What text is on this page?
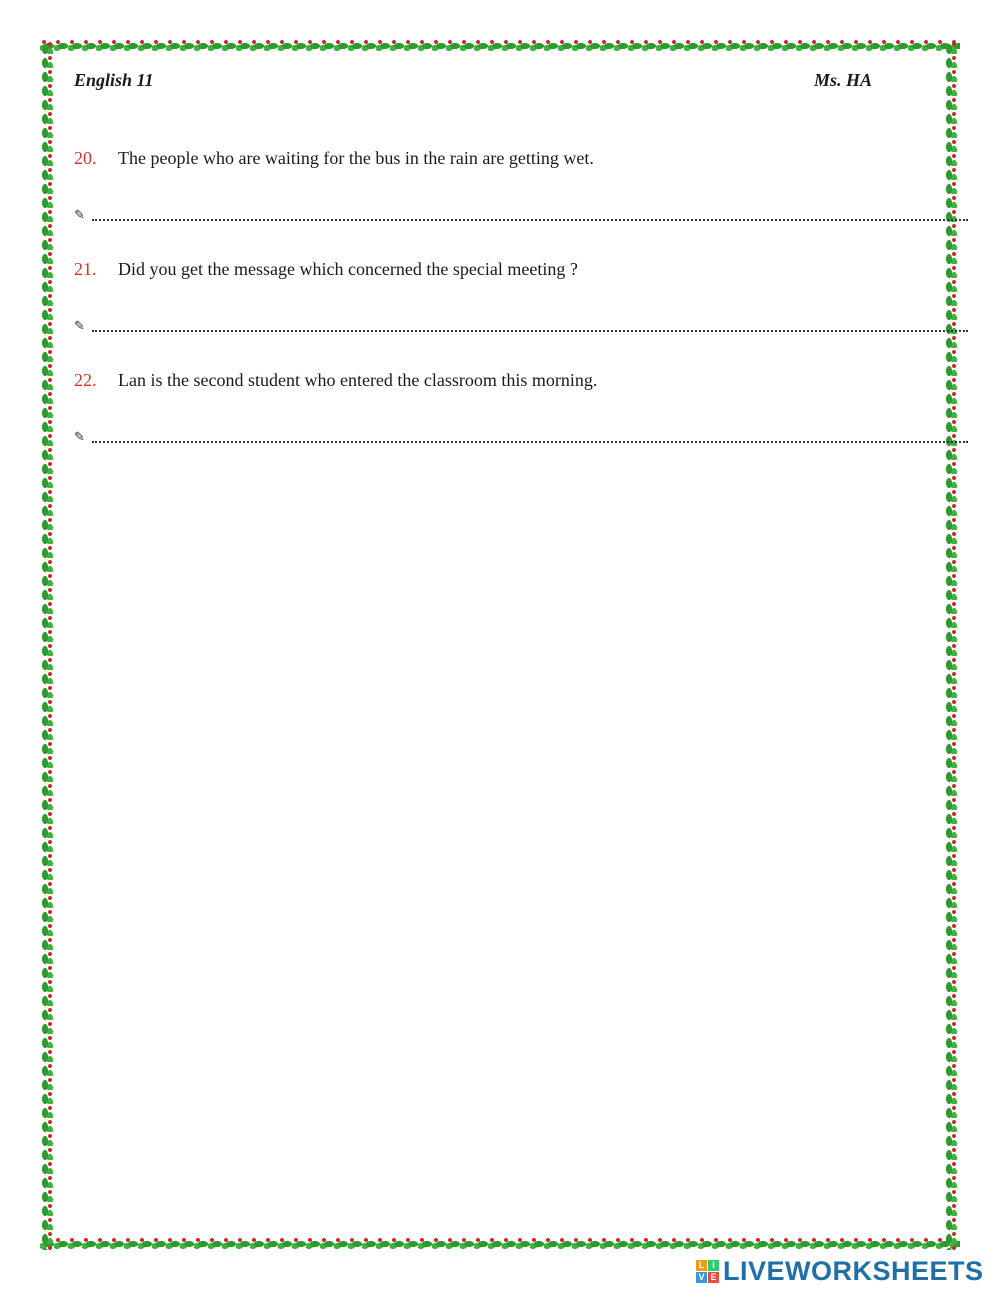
English 11	Ms. HA
20. The people who are waiting for the bus in the rain are getting wet.
✎
21. Did you get the message which concerned the special meeting ?
✎
22. Lan is the second student who entered the classroom this morning.
✎
L I
V E LIVEWORKSHEETS
